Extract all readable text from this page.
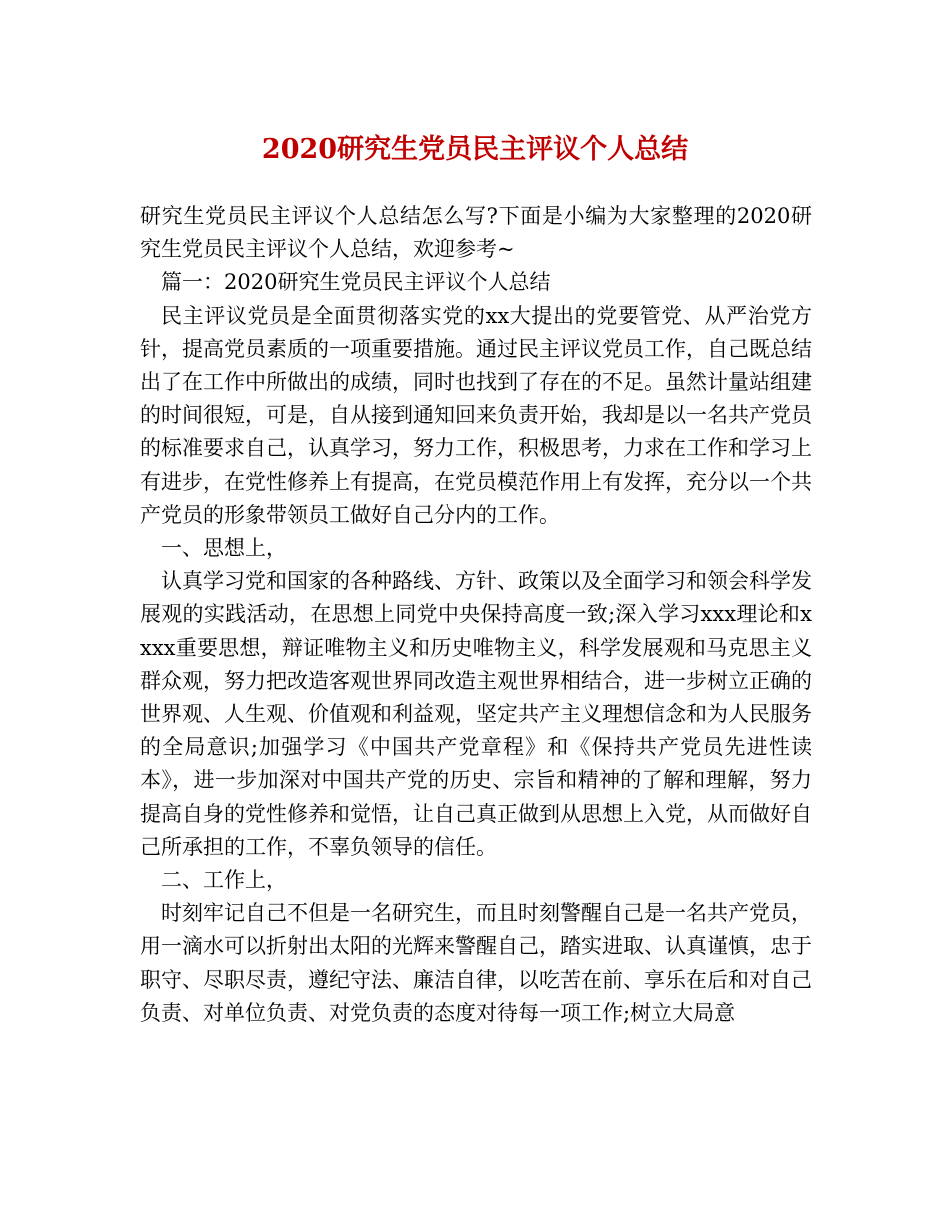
2020研究生党员民主评议个人总结

研究生党员民主评议个人总结怎么写?下面是小编为大家整理的2020研究生党员民主评议个人总结，欢迎参考~

篇一：2020研究生党员民主评议个人总结

民主评议党员是全面贯彻落实党的xx大提出的党要管党、从严治党方针，提高党员素质的一项重要措施。通过民主评议党员工作，自己既总结出了在工作中所做出的成绩，同时也找到了存在的不足。虽然计量站组建的时间很短，可是，自从接到通知回来负责开始，我却是以一名共产党员的标准要求自己，认真学习，努力工作，积极思考，力求在工作和学习上有进步，在党性修养上有提高，在党员模范作用上有发挥，充分以一个共产党员的形象带领员工做好自己分内的工作。

一、思想上，

认真学习党和国家的各种路线、方针、政策以及全面学习和领会科学发展观的实践活动，在思想上同党中央保持高度一致;深入学习xxx理论和xxxx重要思想，辩证唯物主义和历史唯物主义，科学发展观和马克思主义群众观，努力把改造客观世界同改造主观世界相结合，进一步树立正确的世界观、人生观、价值观和利益观，坚定共产主义理想信念和为人民服务的全局意识;加强学习《中国共产党章程》和《保持共产党员先进性读本》，进一步加深对中国共产党的历史、宗旨和精神的了解和理解，努力提高自身的党性修养和觉悟，让自己真正做到从思想上入党，从而做好自己所承担的工作，不辜负领导的信任。

二、工作上，

时刻牢记自己不但是一名研究生，而且时刻警醒自己是一名共产党员，用一滴水可以折射出太阳的光辉来警醒自己，踏实进取、认真谨慎，忠于职守、尽职尽责，遵纪守法、廉洁自律，以吃苦在前、享乐在后和对自己负责、对单位负责、对党负责的态度对待每一项工作;树立大局意
